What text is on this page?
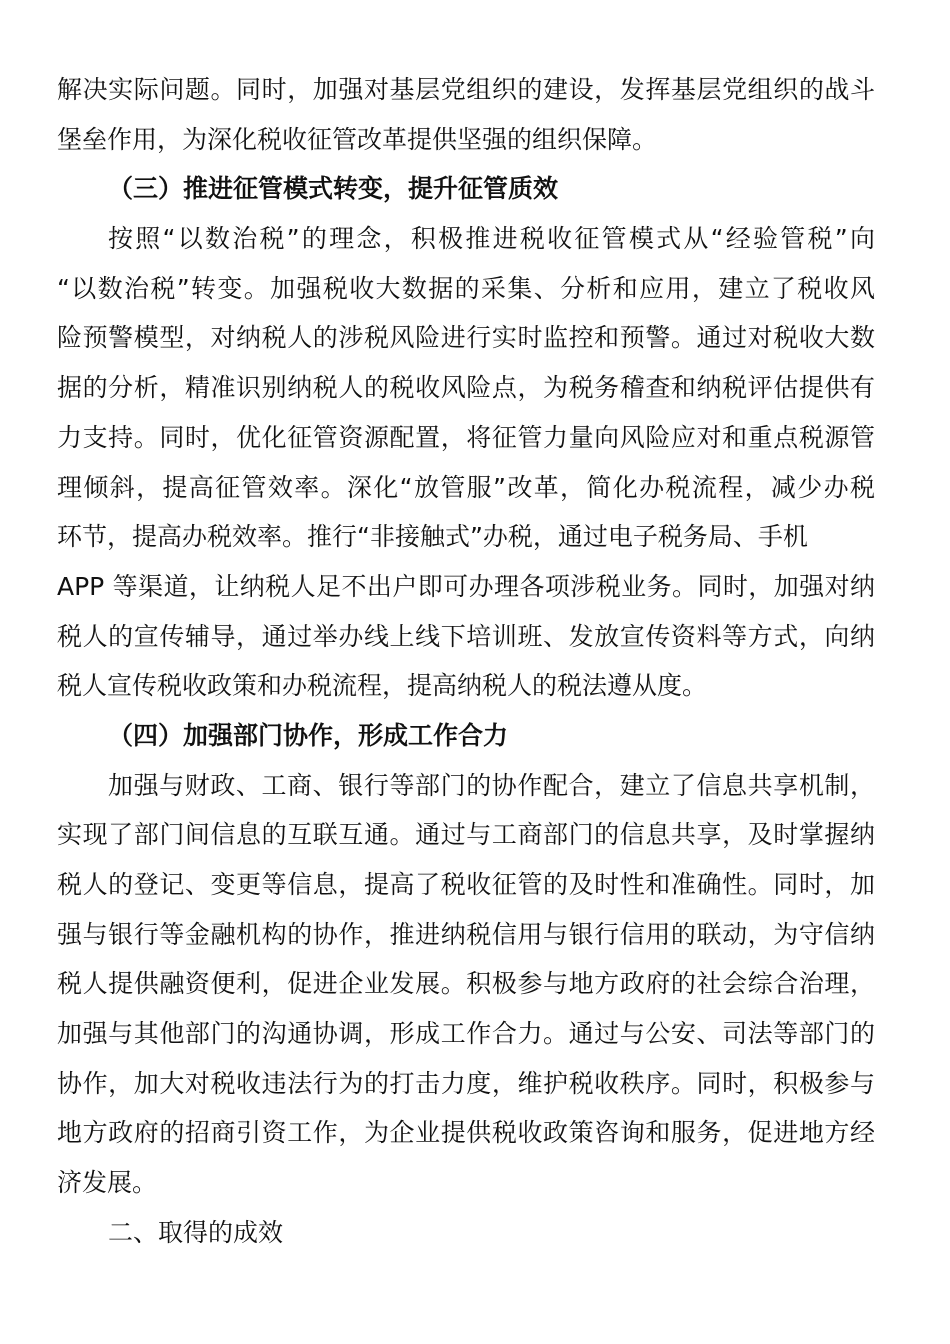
解决实际问题。同时，加强对基层党组织的建设，发挥基层党组织的战斗
堡垒作用，为深化税收征管改革提供坚强的组织保障。
（三）推进征管模式转变，提升征管质效
按照“以数治税”的理念，积极推进税收征管模式从“经验管税”向
“以数治税”转变。加强税收大数据的采集、分析和应用，建立了税收风
险预警模型，对纳税人的涉税风险进行实时监控和预警。通过对税收大数
据的分析，精准识别纳税人的税收风险点，为税务稽查和纳税评估提供有
力支持。同时，优化征管资源配置，将征管力量向风险应对和重点税源管
理倾斜，提高征管效率。深化“放管服”改革，简化办税流程，减少办税
环节，提高办税效率。推行“非接触式”办税，通过电子税务局、手机
APP 等渠道，让纳税人足不出户即可办理各项涉税业务。同时，加强对纳
税人的宣传辅导，通过举办线上线下培训班、发放宣传资料等方式，向纳
税人宣传税收政策和办税流程，提高纳税人的税法遵从度。
（四）加强部门协作，形成工作合力
加强与财政、工商、银行等部门的协作配合，建立了信息共享机制，
实现了部门间信息的互联互通。通过与工商部门的信息共享，及时掌握纳
税人的登记、变更等信息，提高了税收征管的及时性和准确性。同时，加
强与银行等金融机构的协作，推进纳税信用与银行信用的联动，为守信纳
税人提供融资便利，促进企业发展。积极参与地方政府的社会综合治理，
加强与其他部门的沟通协调，形成工作合力。通过与公安、司法等部门的
协作，加大对税收违法行为的打击力度，维护税收秩序。同时，积极参与
地方政府的招商引资工作，为企业提供税收政策咨询和服务，促进地方经
济发展。
二、取得的成效
